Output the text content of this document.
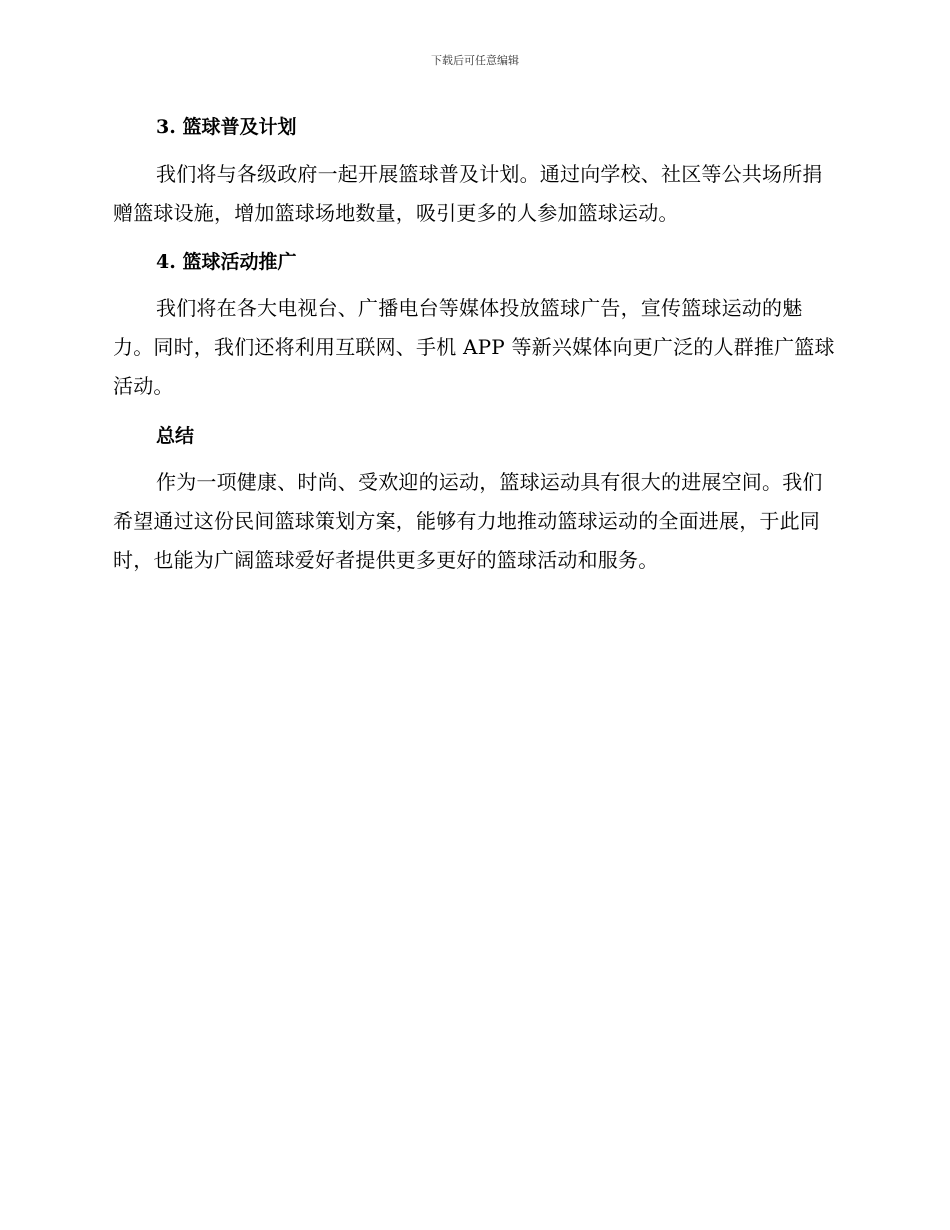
下载后可任意编辑
3. 篮球普及计划

我们将与各级政府一起开展篮球普及计划。通过向学校、社区等公共场所捐赠篮球设施，增加篮球场地数量，吸引更多的人参加篮球运动。

4. 篮球活动推广

我们将在各大电视台、广播电台等媒体投放篮球广告，宣传篮球运动的魅力。同时，我们还将利用互联网、手机 APP 等新兴媒体向更广泛的人群推广篮球活动。

总结

作为一项健康、时尚、受欢迎的运动，篮球运动具有很大的进展空间。我们希望通过这份民间篮球策划方案，能够有力地推动篮球运动的全面进展，于此同时，也能为广阔篮球爱好者提供更多更好的篮球活动和服务。
